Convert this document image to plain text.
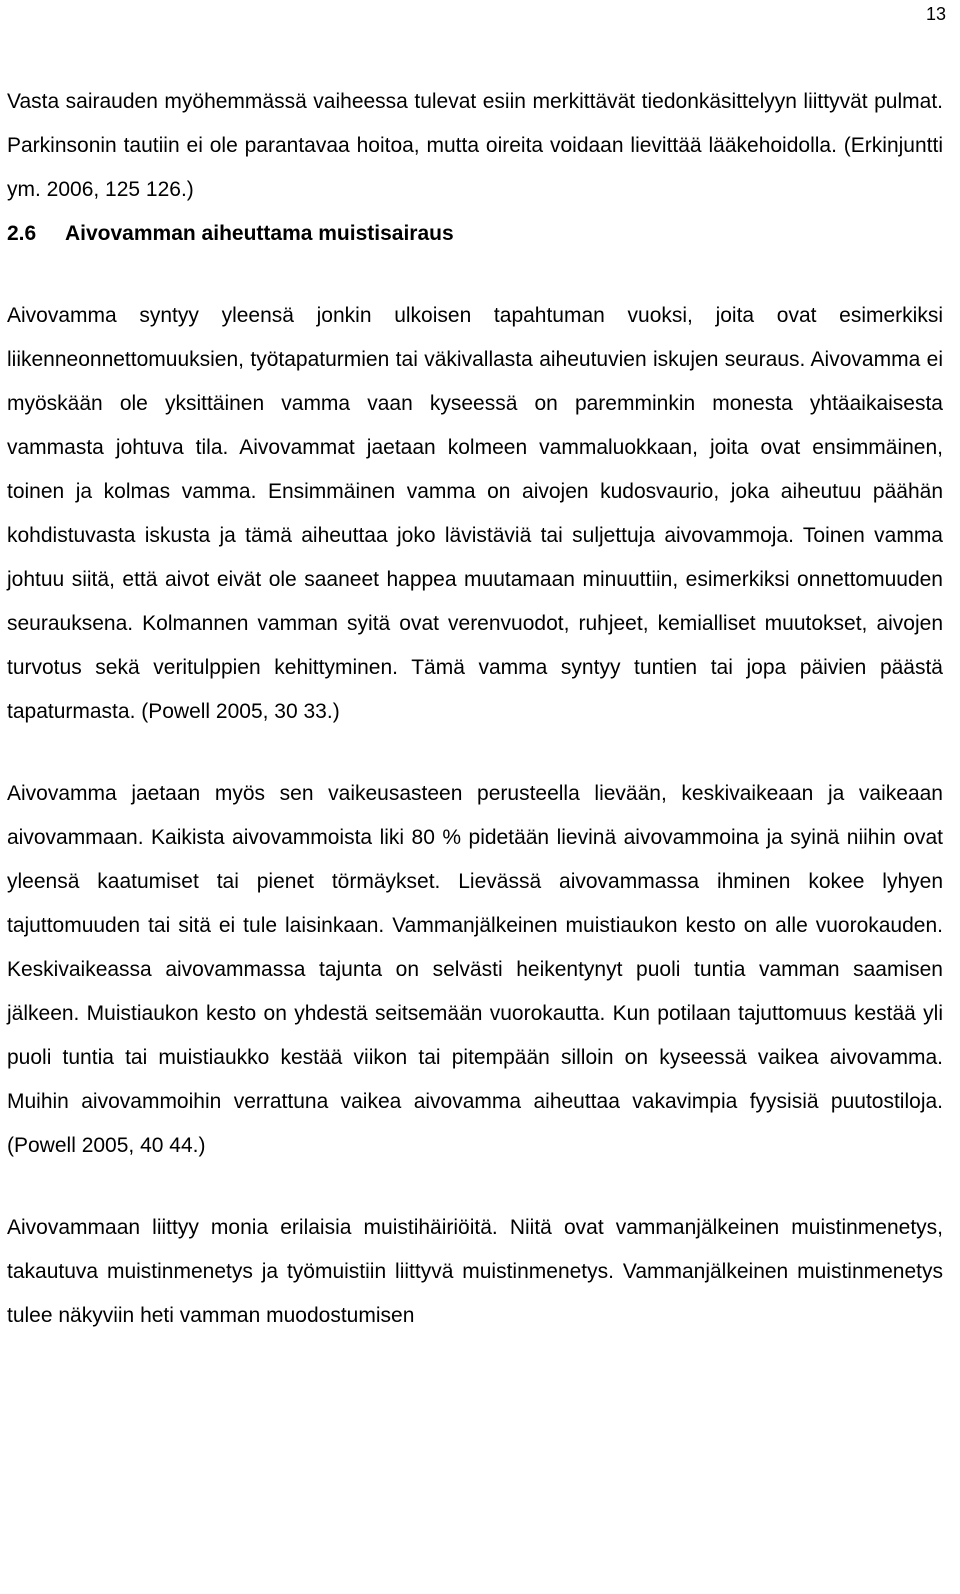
13

Vasta sairauden myöhemmässä vaiheessa tulevat esiin merkittävät tiedonkäsittelyyn liittyvät pulmat. Parkinsonin tautiin ei ole parantavaa hoitoa, mutta oireita voidaan lievittää lääkehoidolla. (Erkinjuntti ym. 2006, 125 126.)

2.6 Aivovamman aiheuttama muistisairaus

Aivovamma syntyy yleensä jonkin ulkoisen tapahtuman vuoksi, joita ovat esimerkiksi liikenneonnettomuuksien, työtapaturmien tai väkivallasta aiheutuvien iskujen seuraus. Aivovamma ei myöskään ole yksittäinen vamma vaan kyseessä on paremminkin monesta yhtäaikaisesta vammasta johtuva tila. Aivovammat jaetaan kolmeen vammaluokkaan, joita ovat ensimmäinen, toinen ja kolmas vamma. Ensimmäinen vamma on aivojen kudosvaurio, joka aiheutuu päähän kohdistuvasta iskusta ja tämä aiheuttaa joko lävistäviä tai suljettuja aivovammoja. Toinen vamma johtuu siitä, että aivot eivät ole saaneet happea muutamaan minuuttiin, esimerkiksi onnettomuuden seurauksena. Kolmannen vamman syitä ovat verenvuodot, ruhjeet, kemialliset muutokset, aivojen turvotus sekä veritulppien kehittyminen. Tämä vamma syntyy tuntien tai jopa päivien päästä tapaturmasta. (Powell 2005, 30 33.)

Aivovamma jaetaan myös sen vaikeusasteen perusteella lievään, keskivaikeaan ja vaikeaan aivovammaan. Kaikista aivovammoista liki 80 % pidetään lievinä aivovammoina ja syinä niihin ovat yleensä kaatumiset tai pienet törmäykset. Lievässä aivovammassa ihminen kokee lyhyen tajuttomuuden tai sitä ei tule laisinkaan. Vammanjälkeinen muistiaukon kesto on alle vuorokauden. Keskivaikeassa aivovammassa tajunta on selvästi heikentynyt puoli tuntia vamman saamisen jälkeen. Muistiaukon kesto on yhdestä seitsemään vuorokautta. Kun potilaan tajuttomuus kestää yli puoli tuntia tai muistiaukko kestää viikon tai pitempään silloin on kyseessä vaikea aivovamma. Muihin aivovammoihin verrattuna vaikea aivovamma aiheuttaa vakavimpia fyysisiä puutostiloja. (Powell 2005, 40 44.)

Aivovammaan liittyy monia erilaisia muistihäiriöitä. Niitä ovat vammanjälkeinen muistinmenetys, takautuva muistinmenetys ja työmuistiin liittyvä muistinmenetys. Vammanjälkeinen muistinmenetys tulee näkyviin heti vamman muodostumisen
